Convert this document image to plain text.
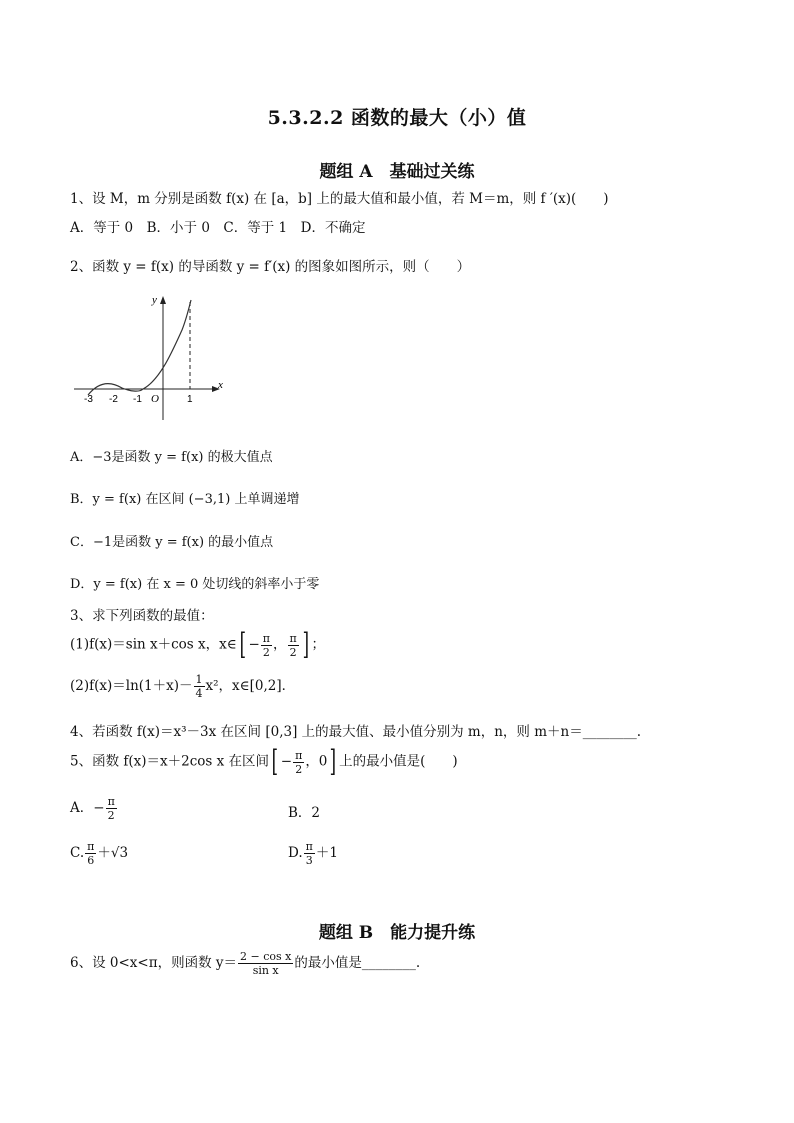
5.3.2.2 函数的最大（小）值
题组 A　基础过关练
1、设 M，m 分别是函数 f(x) 在 [a，b] 上的最大值和最小值，若 M＝m，则 f ′(x)(　　)
A．等于 0　B．小于 0　C．等于 1　D．不确定
2、函数 y = f(x) 的导函数 y = f′(x) 的图象如图所示，则（　　）
x
y
O
-3 -2 -1	1
A．−3是函数 y = f(x) 的极大值点
B．y = f(x) 在区间 (−3,1) 上单调递增
C．−1是函数 y = f(x) 的最小值点
D．y = f(x) 在 x = 0 处切线的斜率小于零
3、求下列函数的最值：
(1)f(x)＝sin x＋cos x，x∈[ − $\frac{\pi}{2}$ ， $\frac{\pi}{2}$ ] ；
$(2)f(x)=\ln(1+x)- \frac{1}{4} x^2$，x∈[0,2]．
4、若函数 f(x)＝x³－3x 在区间 [0,3] 上的最大值、最小值分别为 m，n，则 m＋n＝________.
5、函数 f(x)＝x＋2cos x 在区间[ − $\frac{\pi}{2}$ ，0] 上的最小值是(　　)
A．− $\frac{\pi}{2}$	B．2
C. $\frac{\pi}{6} +√3$	D. $\frac{\pi}{3} +1$
题组 B　能力提升练
6、设 0<x<π，则函数 $y= \frac{\text{2 − cos x}}{\text{sin x}}$ 的最小值是________.
